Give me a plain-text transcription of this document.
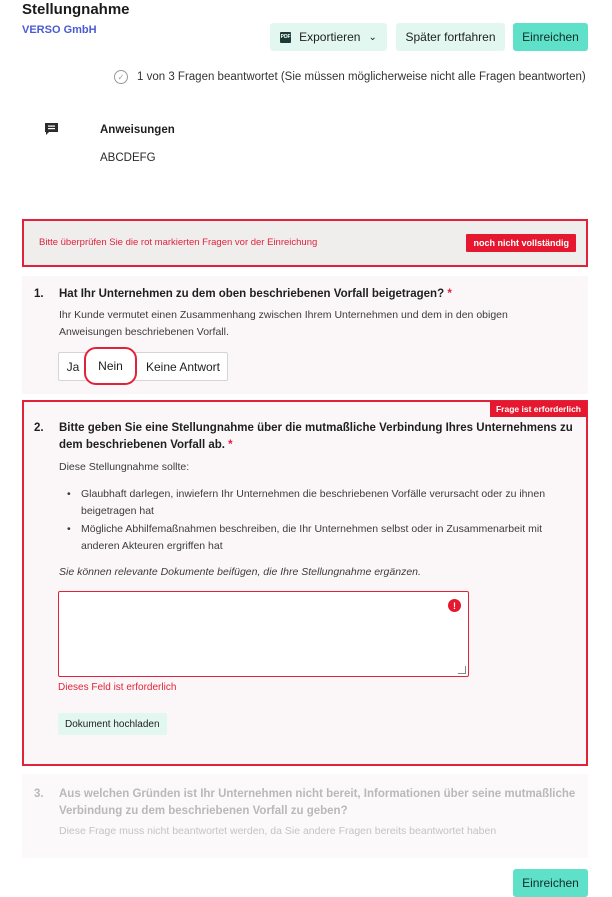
Stellungnahme
VERSO GmbH
PDF Exportieren ⌄	Später fortfahren	Einreichen
✓	1 von 3 Fragen beantwortet (Sie müssen möglicherweise nicht alle Fragen beantworten)
Anweisungen
ABCDEFG
Bitte überprüfen Sie die rot markierten Fragen vor der Einreichung	noch nicht vollständig
1. Hat Ihr Unternehmen zu dem oben beschriebenen Vorfall beigetragen? *
Ihr Kunde vermutet einen Zusammenhang zwischen Ihrem Unternehmen und dem in den obigen
Anweisungen beschriebenen Vorfall.
Ja	Keine Antwort
Nein
Frage ist erforderlich
2. Bitte geben Sie eine Stellungnahme über die mutmaßliche Verbindung Ihres Unternehmens zu
dem beschriebenen Vorfall ab. *
Diese Stellungnahme sollte:
• Glaubhaft darlegen, inwiefern Ihr Unternehmen die beschriebenen Vorfälle verursacht oder zu ihnen
beigetragen hat
• Mögliche Abhilfemaßnahmen beschreiben, die Ihr Unternehmen selbst oder in Zusammenarbeit mit
anderen Akteuren ergriffen hat
Sie können relevante Dokumente beifügen, die Ihre Stellungnahme ergänzen.
!
Dieses Feld ist erforderlich
Dokument hochladen
3. Aus welchen Gründen ist Ihr Unternehmen nicht bereit, Informationen über seine mutmaßliche
Verbindung zu dem beschriebenen Vorfall zu geben?
Diese Frage muss nicht beantwortet werden, da Sie andere Fragen bereits beantwortet haben
Einreichen
